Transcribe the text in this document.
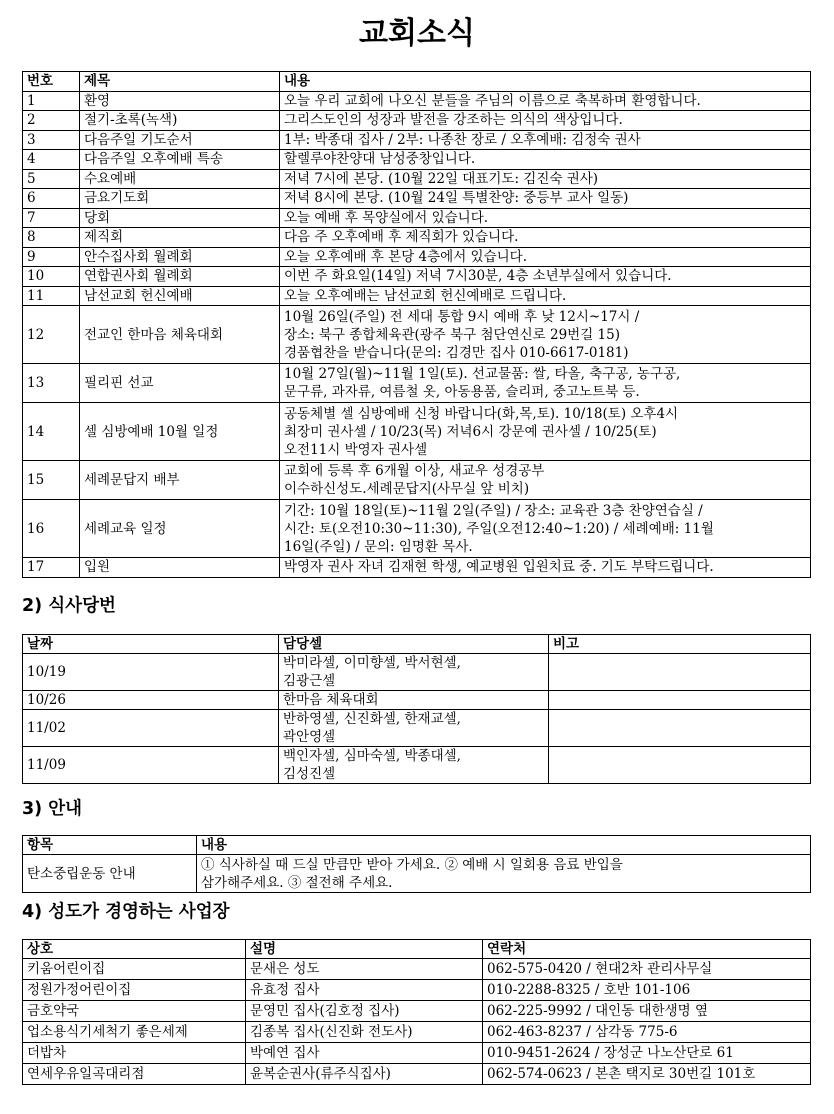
교회소식
번호	제목	내용
1	환영	오늘 우리 교회에 나오신 분들을 주님의 이름으로 축복하며 환영합니다.
2	절기-초록(녹색)	그리스도인의 성장과 발전을 강조하는 의식의 색상입니다.
3	다음주일 기도순서	1부: 박종대 집사 / 2부: 나종찬 장로 / 오후예배: 김정숙 권사
4	다음주일 오후예배 특송	할렐루야찬양대 남성중창입니다.
5	수요예배	저녁 7시에 본당. (10월 22일 대표기도: 김진숙 권사)
6	금요기도회	저녁 8시에 본당. (10월 24일 특별찬양: 중등부 교사 일동)
7	당회	오늘 예배 후 목양실에서 있습니다.
8	제직회	다음 주 오후예배 후 제직회가 있습니다.
9	안수집사회 월례회	오늘 오후예배 후 본당 4층에서 있습니다.
10	연합권사회 월례회	이번 주 화요일(14일) 저녁 7시30분, 4층 소년부실에서 있습니다.
11	남선교회 헌신예배	오늘 오후예배는 남선교회 헌신예배로 드립니다.
12	전교인 한마음 체육대회	10월 26일(주일) 전 세대 통합 9시 예배 후 낮 12시~17시 /
장소: 북구 종합체육관(광주 북구 첨단연신로 29번길 15)
경품협찬을 받습니다(문의: 김경만 집사 010-6617-0181)

13	필리핀 선교	10월 27일(월)~11월 1일(토). 선교물품: 쌀, 타올, 축구공, 농구공,
문구류, 과자류, 여름철 옷, 아동용품, 슬리퍼, 중고노트북 등.

14	셀 심방예배 10월 일정	공동체별 셀 심방예배 신청 바랍니다(화,목,토). 10/18(토) 오후4시
최장미 권사셀 / 10/23(목) 저녁6시 강문예 권사셀 / 10/25(토)
오전11시 박영자 권사셀

15	세례문답지 배부	교회에 등록 후 6개월 이상, 새교우 성경공부
이수하신성도.세례문답지(사무실 앞 비치)

16	세례교육 일정	기간: 10월 18일(토)~11월 2일(주일) / 장소: 교육관 3층 찬양연습실 /
시간: 토(오전10:30~11:30), 주일(오전12:40~1:20) / 세례예배: 11월
16일(주일) / 문의: 임명환 목사.

17	입원	박영자 권사 자녀 김재현 학생, 예교병원 입원치료 중. 기도 부탁드립니다.
2) 식사당번
날짜	담당셀	비고
10/19	박미라셀, 이미향셀, 박서현셀,
김광근셀	

10/26	한마음 체육대회	

11/02	반하영셀, 신진화셀, 한재교셀,
곽안영셀	

11/09	백인자셀, 심마숙셀, 박종대셀,
김성진셀	

3) 안내
항목	내용
탄소중립운동 안내	① 식사하실 때 드실 만큼만 받아 가세요. ② 예배 시 일회용 음료 반입을
삼가해주세요. ③ 절전해 주세요.
4) 성도가 경영하는 사업장
상호	설명	연락처
키움어린이집	문새은 성도	062-575-0420 / 현대2차 관리사무실
정원가정어린이집	유효정 집사	010-2288-8325 / 호반 101-106
금호약국	문영민 집사(김호정 집사)	062-225-9992 / 대인동 대한생명 옆
업소용식기세척기 좋은세제	김종복 집사(신진화 전도사)	062-463-8237 / 삼각동 775-6
더밥차	박예연 집사	010-9451-2624 / 장성군 나노산단로 61
연세우유일곡대리점	윤복순권사(류주식집사)	062-574-0623 / 본촌 택지로 30번길 101호
